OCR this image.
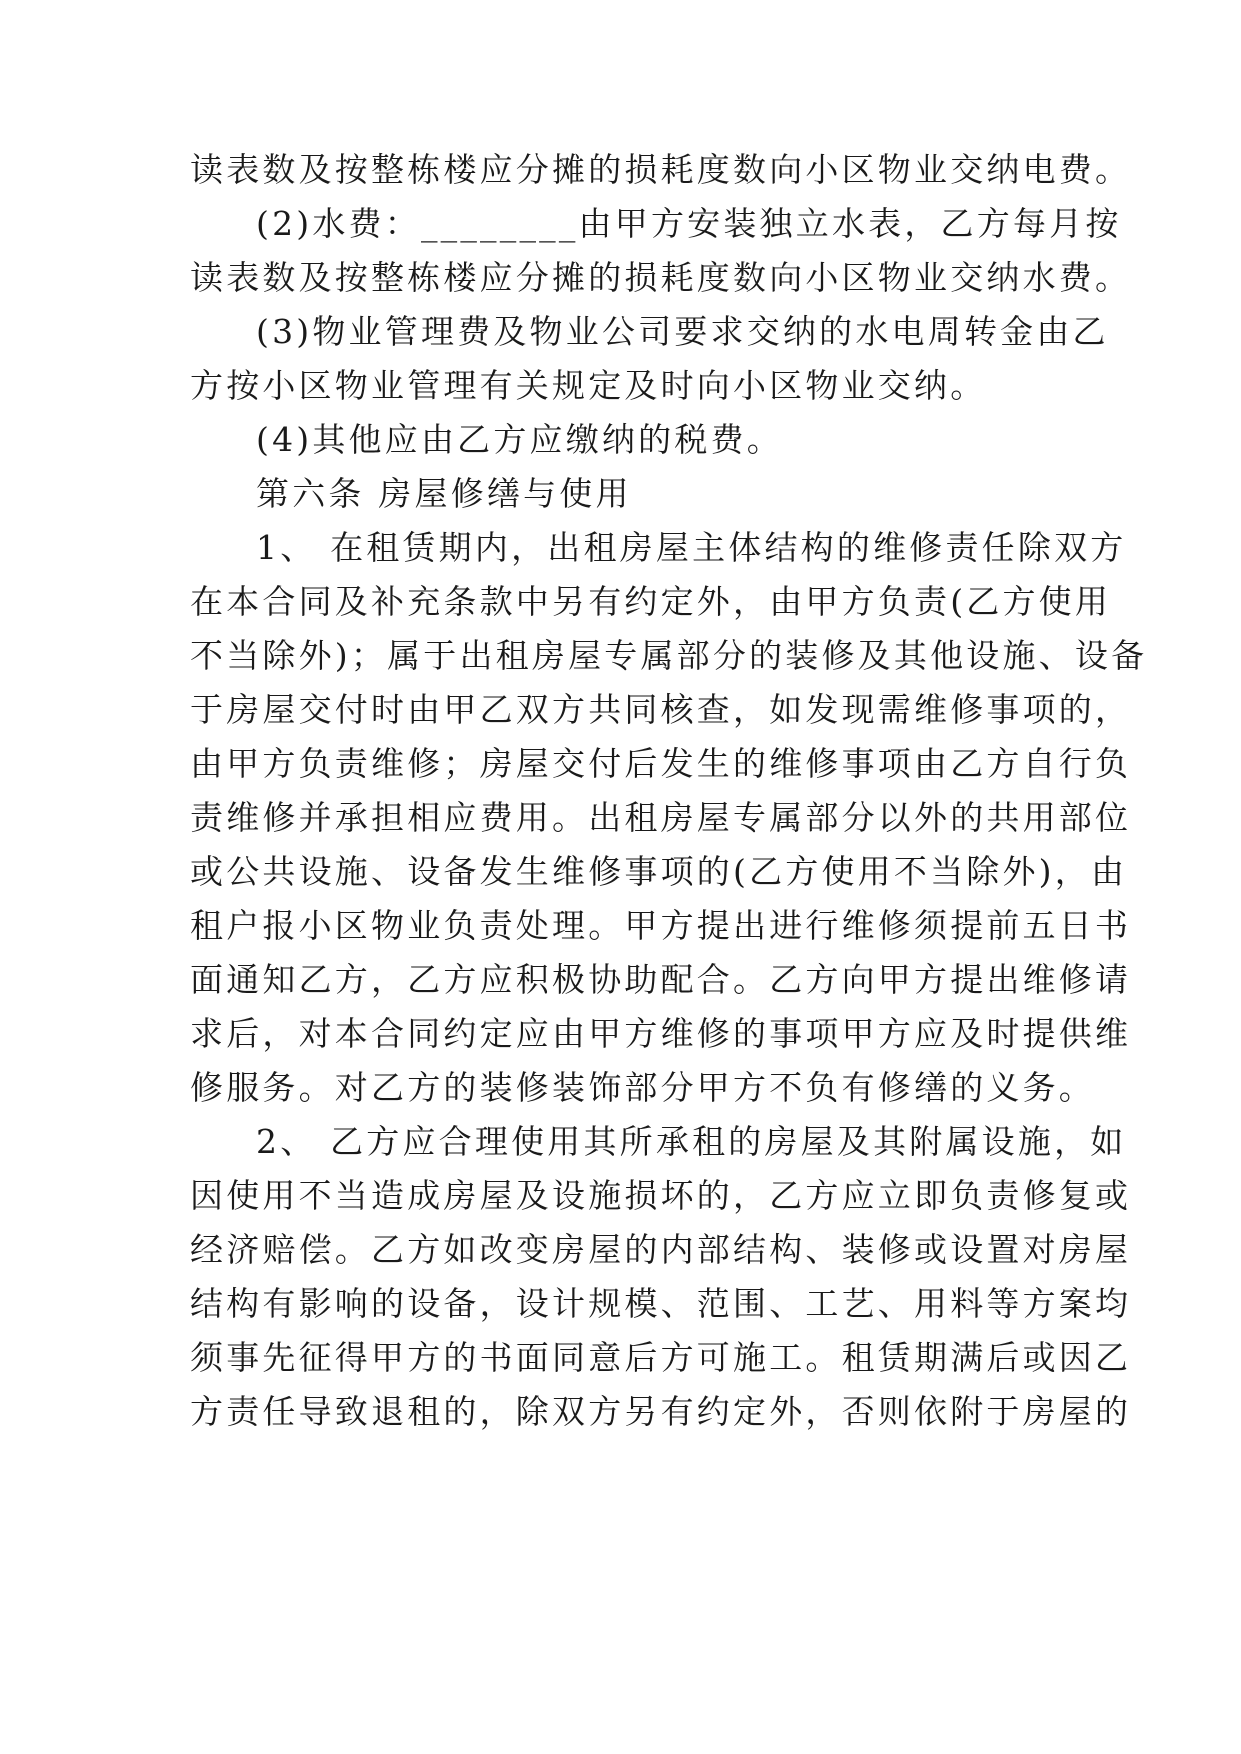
读表数及按整栋楼应分摊的损耗度数向小区物业交纳电费。
(2)水费：________由甲方安装独立水表，乙方每月按
读表数及按整栋楼应分摊的损耗度数向小区物业交纳水费。
(3)物业管理费及物业公司要求交纳的水电周转金由乙
方按小区物业管理有关规定及时向小区物业交纳。
(4)其他应由乙方应缴纳的税费。
第六条 房屋修缮与使用
1、 在租赁期内，出租房屋主体结构的维修责任除双方
在本合同及补充条款中另有约定外，由甲方负责(乙方使用
不当除外)；属于出租房屋专属部分的装修及其他设施、设备
于房屋交付时由甲乙双方共同核查，如发现需维修事项的，
由甲方负责维修；房屋交付后发生的维修事项由乙方自行负
责维修并承担相应费用。出租房屋专属部分以外的共用部位
或公共设施、设备发生维修事项的(乙方使用不当除外)，由
租户报小区物业负责处理。甲方提出进行维修须提前五日书
面通知乙方，乙方应积极协助配合。乙方向甲方提出维修请
求后，对本合同约定应由甲方维修的事项甲方应及时提供维
修服务。对乙方的装修装饰部分甲方不负有修缮的义务。
2、 乙方应合理使用其所承租的房屋及其附属设施，如
因使用不当造成房屋及设施损坏的，乙方应立即负责修复或
经济赔偿。乙方如改变房屋的内部结构、装修或设置对房屋
结构有影响的设备，设计规模、范围、工艺、用料等方案均
须事先征得甲方的书面同意后方可施工。租赁期满后或因乙
方责任导致退租的，除双方另有约定外，否则依附于房屋的
